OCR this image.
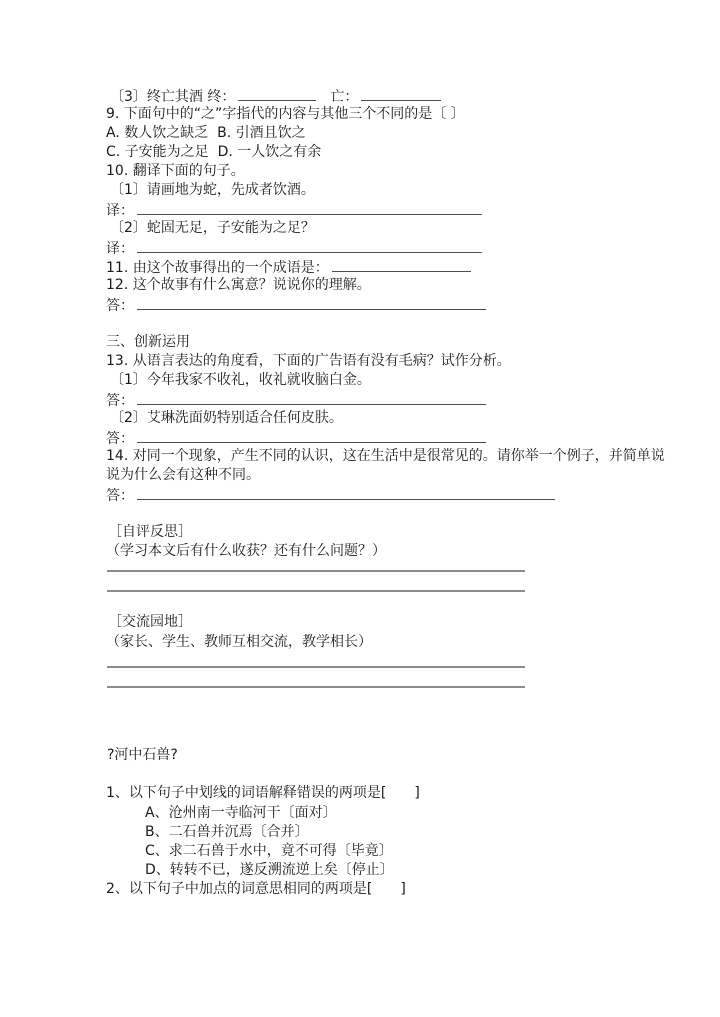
〔3〕终亡其酒 终：	　亡：
9. 下面句中的“之”字指代的内容与其他三个不同的是〔 〕
A. 数人饮之缺乏  B. 引酒且饮之
C. 子安能为之足  D. 一人饮之有余
10. 翻译下面的句子。
〔1〕请画地为蛇，先成者饮酒。
译：
〔2〕蛇固无足，子安能为之足？
译：
11. 由这个故事得出的一个成语是：
12. 这个故事有什么寓意？说说你的理解。
答：
三、创新运用
13. 从语言表达的角度看，下面的广告语有没有毛病？试作分析。
〔1〕今年我家不收礼，收礼就收脑白金。
答：
〔2〕艾琳洗面奶特别适合任何皮肤。
答：
14. 对同一个现象，产生不同的认识，这在生活中是很常见的。请你举一个例子，并简单说
说为什么会有这种不同。
答：
［自评反思］
（学习本文后有什么收获？还有什么问题？）
［交流园地］
（家长、学生、教师互相交流，教学相长）
?河中石兽?
1、以下句子中划线的词语解释错误的两项是[　　]
A、沧州南一寺临河干〔面对〕
B、二石兽并沉焉〔合并〕
C、求二石兽于水中，竟不可得〔毕竟〕
D、转转不已，遂反溯流逆上矣〔停止〕
2、以下句子中加点的词意思相同的两项是[　　]
